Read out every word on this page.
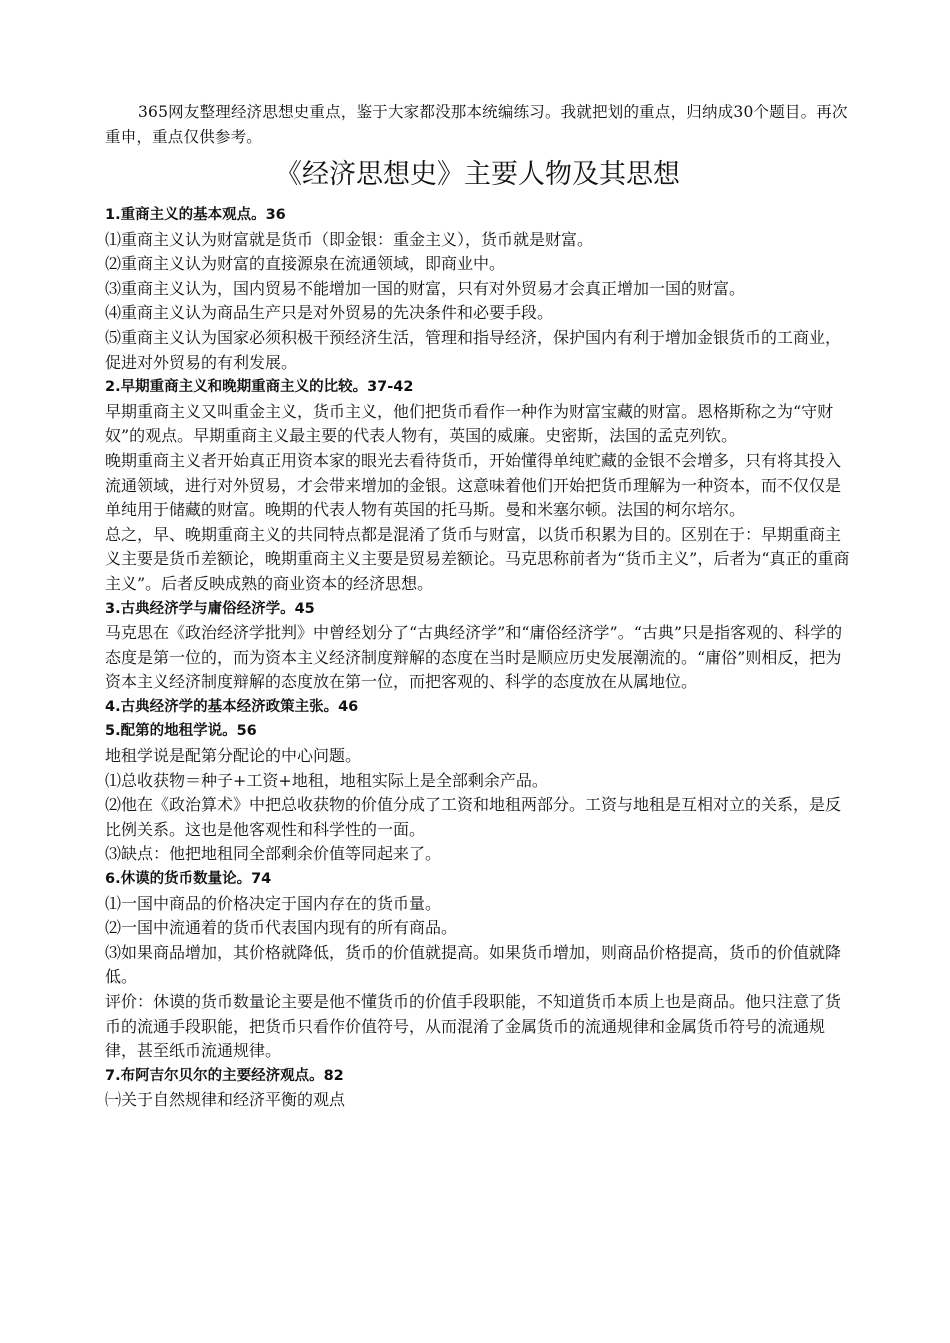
365网友整理经济思想史重点，鉴于大家都没那本统编练习。我就把划的重点，归纳成30个题目。再次重申，重点仅供参考。

《经济思想史》主要人物及其思想
1.重商主义的基本观点。36

⑴重商主义认为财富就是货币（即金银：重金主义），货币就是财富。

⑵重商主义认为财富的直接源泉在流通领域，即商业中。

⑶重商主义认为，国内贸易不能增加一国的财富，只有对外贸易才会真正增加一国的财富。

⑷重商主义认为商品生产只是对外贸易的先决条件和必要手段。

⑸重商主义认为国家必须积极干预经济生活，管理和指导经济，保护国内有利于增加金银货币的工商业，促进对外贸易的有利发展。

2.早期重商主义和晚期重商主义的比较。37-42

早期重商主义又叫重金主义，货币主义，他们把货币看作一种作为财富宝藏的财富。恩格斯称之为“守财奴”的观点。早期重商主义最主要的代表人物有，英国的威廉。史密斯，法国的孟克列钦。

晚期重商主义者开始真正用资本家的眼光去看待货币，开始懂得单纯贮藏的金银不会增多，只有将其投入流通领域，进行对外贸易，才会带来增加的金银。这意味着他们开始把货币理解为一种资本，而不仅仅是单纯用于储藏的财富。晚期的代表人物有英国的托马斯。曼和米塞尔顿。法国的柯尔培尔。

总之，早、晚期重商主义的共同特点都是混淆了货币与财富，以货币积累为目的。区别在于：早期重商主义主要是货币差额论，晚期重商主义主要是贸易差额论。马克思称前者为“货币主义”，后者为“真正的重商主义”。后者反映成熟的商业资本的经济思想。

3.古典经济学与庸俗经济学。45

马克思在《政治经济学批判》中曾经划分了“古典经济学”和“庸俗经济学”。“古典”只是指客观的、科学的态度是第一位的，而为资本主义经济制度辩解的态度在当时是顺应历史发展潮流的。“庸俗”则相反，把为资本主义经济制度辩解的态度放在第一位，而把客观的、科学的态度放在从属地位。

4.古典经济学的基本经济政策主张。46
5.配第的地租学说。56

地租学说是配第分配论的中心问题。

⑴总收获物＝种子+工资+地租，地租实际上是全部剩余产品。

⑵他在《政治算术》中把总收获物的价值分成了工资和地租两部分。工资与地租是互相对立的关系，是反比例关系。这也是他客观性和科学性的一面。

⑶缺点：他把地租同全部剩余价值等同起来了。

6.休谟的货币数量论。74

⑴一国中商品的价格决定于国内存在的货币量。

⑵一国中流通着的货币代表国内现有的所有商品。

⑶如果商品增加，其价格就降低，货币的价值就提高。如果货币增加，则商品价格提高，货币的价值就降低。

评价：休谟的货币数量论主要是他不懂货币的价值手段职能，不知道货币本质上也是商品。他只注意了货币的流通手段职能，把货币只看作价值符号，从而混淆了金属货币的流通规律和金属货币符号的流通规律，甚至纸币流通规律。

7.布阿吉尔贝尔的主要经济观点。82

㈠关于自然规律和经济平衡的观点
